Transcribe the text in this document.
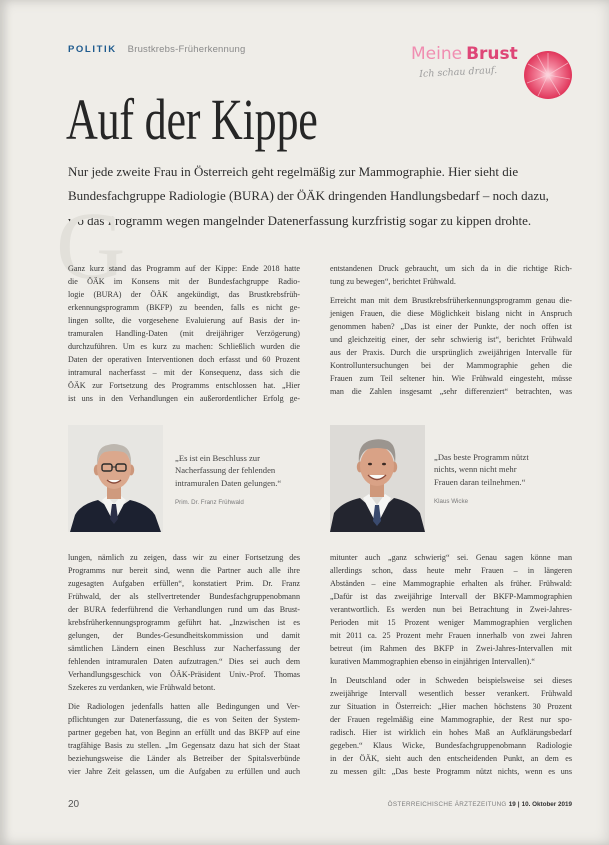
POLITIK Brustkrebs-Früherkennung	Meine Brust
Ich schau drauf.
Auf der Kippe
Nur jede zweite Frau in Österreich geht regelmäßig zur Mammographie. Hier sieht die
Bundesfachgruppe Radiologie (BURA) der ÖÄK dringenden Handlungsbedarf – noch dazu,
wo das Programm wegen mangelnder Datenerfassung kurzfristig sogar zu kippen drohte.
G
Ganz kurz stand das Programm auf der Kippe: Ende 2018 hatte
die ÖÄK im Konsens mit der Bundesfachgruppe Radio-
logie (BURA) der ÖÄK angekündigt, das Brustkrebsfrüh-
erkennungsprogramm (BKFP) zu beenden, falls es nicht ge-
lingen sollte, die vorgesehene Evaluierung auf Basis der in-
tramuralen Handling-Daten (mit dreijähriger Verzögerung)
durchzuführen. Um es kurz zu machen: Schließlich wurden die
Daten der operativen Interventionen doch erfasst und 60 Prozent
intramural nacherfasst – mit der Konsequenz, dass sich die
ÖÄK zur Fortsetzung des Programms entschlossen hat. „Hier
ist uns in den Verhandlungen ein außerordentlicher Erfolg ge-
entstandenen Druck gebraucht, um sich da in die richtige Rich-
tung zu bewegen“, berichtet Frühwald.
Erreicht man mit dem Brustkrebsfrüherkennungsprogramm genau die-
jenigen Frauen, die diese Möglichkeit bislang nicht in Anspruch
genommen haben? „Das ist einer der Punkte, der noch offen ist
und gleichzeitig einer, der sehr schwierig ist“, berichtet Frühwald
aus der Praxis. Durch die ursprünglich zweijährigen Intervalle für
Kontrolluntersuchungen bei der Mammographie gehen die
Frauen zum Teil seltener hin. Wie Frühwald eingesteht, müsse
man die Zahlen insgesamt „sehr differenziert“ betrachten, was
„Es ist ein Beschluss zur
Nacherfassung der fehlenden
intramuralen Daten gelungen.“
Prim. Dr. Franz Frühwald
„Das beste Programm nützt
nichts, wenn nicht mehr
Frauen daran teilnehmen.“
Klaus Wicke
lungen, nämlich zu zeigen, dass wir zu einer Fortsetzung des
Programms nur bereit sind, wenn die Partner auch alle ihre
zugesagten Aufgaben erfüllen“, konstatiert Prim. Dr. Franz
Frühwald, der als stellvertretender Bundesfachgruppenobmann
der BURA federführend die Verhandlungen rund um das Brust-
krebsfrüherkennungsprogramm geführt hat. „Inzwischen ist es
gelungen, der Bundes-Gesundheitskommission und damit
sämtlichen Ländern einen Beschluss zur Nacherfassung der
fehlenden intramuralen Daten aufzutragen.“ Dies sei auch dem
Verhandlungsgeschick von ÖÄK-Präsident Univ.-Prof. Thomas
Szekeres zu verdanken, wie Frühwald betont.
Die Radiologen jedenfalls hatten alle Bedingungen und Ver-
pflichtungen zur Datenerfassung, die es von Seiten der System-
partner gegeben hat, von Beginn an erfüllt und das BKFP auf eine
tragfähige Basis zu stellen. „Im Gegensatz dazu hat sich der Staat
beziehungsweise die Länder als Betreiber der Spitalsverbünde
vier Jahre Zeit gelassen, um die Aufgaben zu erfüllen und auch
mitunter auch „ganz schwierig“ sei. Genau sagen könne man
allerdings schon, dass heute mehr Frauen – in längeren
Abständen – eine Mammographie erhalten als früher. Frühwald:
„Dafür ist das zweijährige Intervall der BKFP-Mammographien
verantwortlich. Es werden nun bei Betrachtung in Zwei-Jahres-
Perioden mit 15 Prozent weniger Mammographien verglichen
mit 2011 ca. 25 Prozent mehr Frauen innerhalb von zwei Jahren
betreut (im Rahmen des BKFP in Zwei-Jahres-Intervallen mit
kurativen Mammographien ebenso in einjährigen Intervallen).“
In Deutschland oder in Schweden beispielsweise sei dieses
zweijährige Intervall wesentlich besser verankert. Frühwald
zur Situation in Österreich: „Hier machen höchstens 30 Prozent
der Frauen regelmäßig eine Mammographie, der Rest nur spo-
radisch. Hier ist wirklich ein hohes Maß an Aufklärungsbedarf
gegeben.“ Klaus Wicke, Bundesfachgruppenobmann Radiologie
in der ÖÄK, sieht auch den entscheidenden Punkt, an dem es
zu messen gilt: „Das beste Programm nützt nichts, wenn es uns
20	ÖSTERREICHISCHE ÄRZTEZEITUNG 19 | 10. Oktober 2019
